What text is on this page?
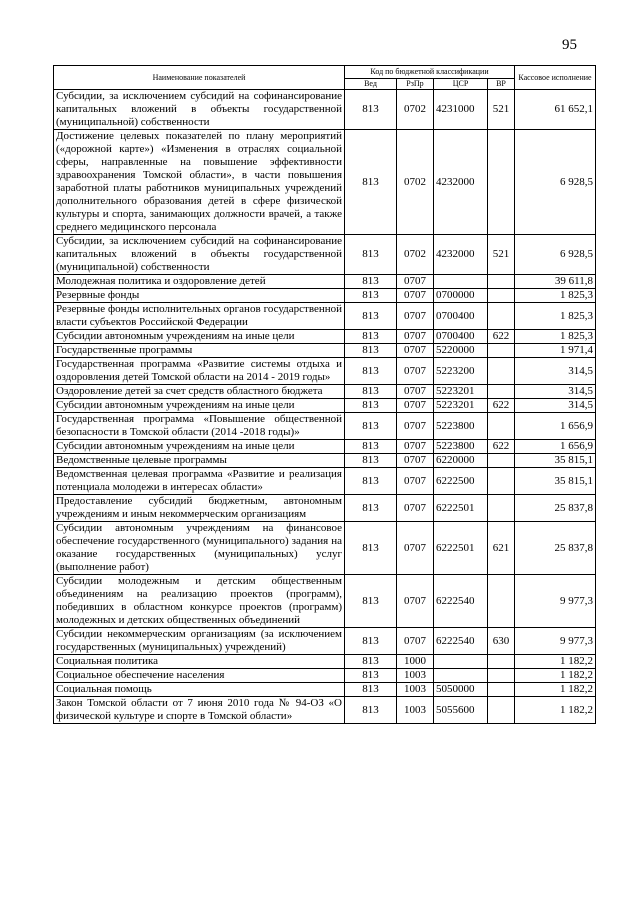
95
Наименование показателей	Код по бюджетной классификации				Кассовое исполнение
	Вед	РзПр	ЦСР	ВР	
Субсидии, за исключением субсидий на софинансирование капитальных вложений в объекты государственной (муниципальной) собственности	813	0702	4231000	521	61 652,1
Достижение целевых показателей по плану мероприятий («дорожной карте») «Изменения в отраслях социальной сферы, направленные на повышение эффективности здравоохранения Томской области», в части повышения заработной платы работников муниципальных учреждений дополнительного образования детей в сфере физической культуры и спорта, занимающих должности врачей, а также среднего медицинского персонала	813	0702	4232000		6 928,5
Субсидии, за исключением субсидий на софинансирование капитальных вложений в объекты государственной (муниципальной) собственности	813	0702	4232000	521	6 928,5
Молодежная политика и оздоровление детей	813	0707			39 611,8
Резервные фонды	813	0707	0700000		1 825,3
Резервные фонды исполнительных органов государственной власти субъектов Российской Федерации	813	0707	0700400		1 825,3
Субсидии автономным учреждениям на иные цели	813	0707	0700400	622	1 825,3
Государственные программы	813	0707	5220000		1 971,4
Государственная программа «Развитие системы отдыха и оздоровления детей Томской области на 2014 - 2019 годы»	813	0707	5223200		314,5
Оздоровление детей за счет средств областного бюджета	813	0707	5223201		314,5
Субсидии автономным учреждениям на иные цели	813	0707	5223201	622	314,5
Государственная программа «Повышение общественной безопасности в Томской области (2014 -2018 годы)»	813	0707	5223800		1 656,9
Субсидии автономным учреждениям на иные цели	813	0707	5223800	622	1 656,9
Ведомственные целевые программы	813	0707	6220000		35 815,1
Ведомственная целевая программа «Развитие и реализация потенциала молодежи в интересах области»	813	0707	6222500		35 815,1
Предоставление субсидий бюджетным, автономным учреждениям и иным некоммерческим организациям	813	0707	6222501		25 837,8
Субсидии автономным учреждениям на финансовое обеспечение государственного (муниципального) задания на оказание государственных (муниципальных) услуг (выполнение работ)	813	0707	6222501	621	25 837,8
Субсидии молодежным и детским общественным объединениям на реализацию проектов (программ), победивших в областном конкурсе проектов (программ) молодежных и детских общественных объединений	813	0707	6222540		9 977,3
Субсидии некоммерческим организациям (за исключением государственных (муниципальных) учреждений)	813	0707	6222540	630	9 977,3
Социальная политика	813	1000			1 182,2
Социальное обеспечение населения	813	1003			1 182,2
Социальная помощь	813	1003	5050000		1 182,2
Закон Томской области от 7 июня 2010 года № 94-ОЗ «О физической культуре и спорте в Томской области»	813	1003	5055600		1 182,2
